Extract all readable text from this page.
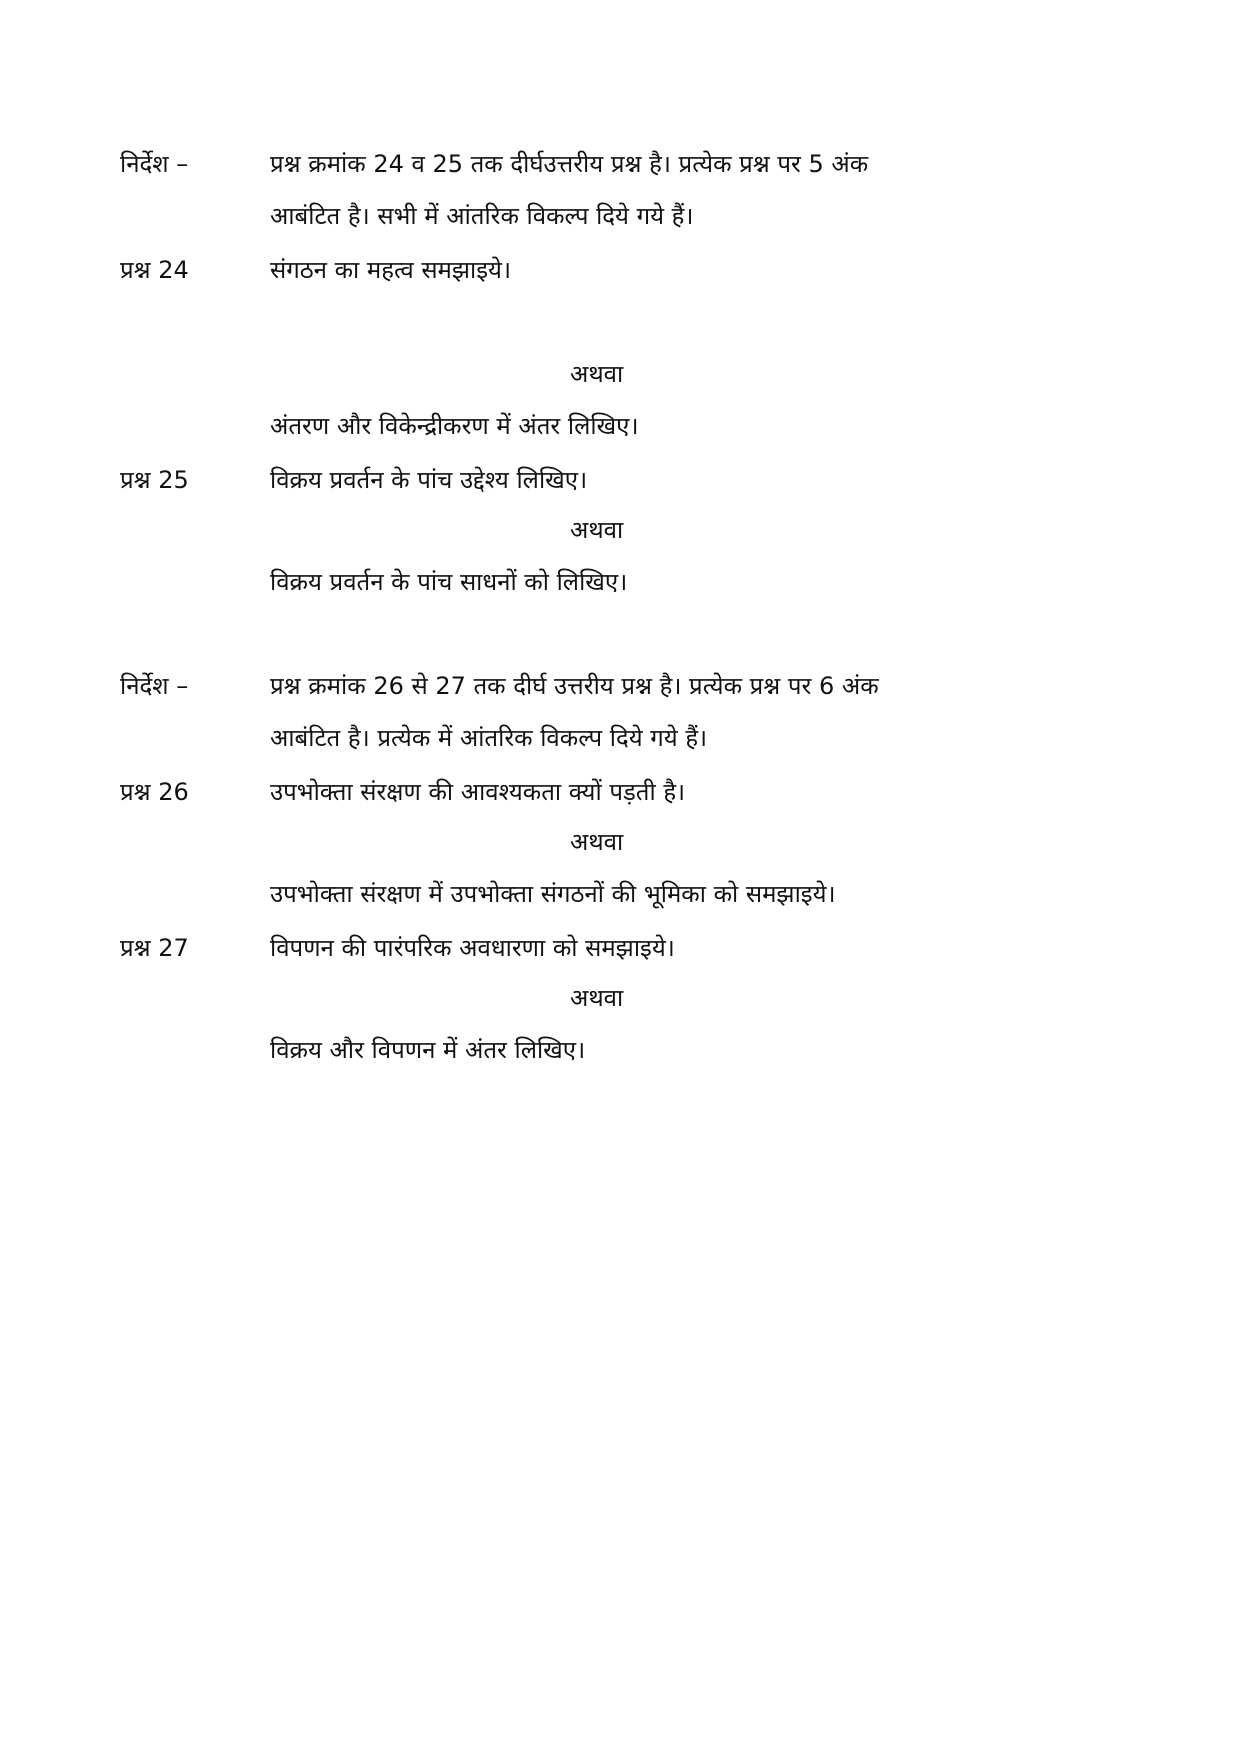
निर्देश –	प्रश्न क्रमांक 24 व 25 तक दीर्घउत्तरीय प्रश्न है। प्रत्येक प्रश्न पर 5 अंक
आबंटित है। सभी में आंतरिक विकल्प दिये गये हैं।
प्रश्न 24	संगठन का महत्व समझाइये।
अथवा
अंतरण और विकेन्द्रीकरण में अंतर लिखिए।
प्रश्न 25	विक्रय प्रवर्तन के पांच उद्देश्य लिखिए।
अथवा
विक्रय प्रवर्तन के पांच साधनों को लिखिए।
निर्देश –	प्रश्न क्रमांक 26 से 27 तक दीर्घ उत्तरीय प्रश्न है। प्रत्येक प्रश्न पर 6 अंक
आबंटित है। प्रत्येक में आंतरिक विकल्प दिये गये हैं।
प्रश्न 26	उपभोक्ता संरक्षण की आवश्यकता क्यों पड़ती है।
अथवा
उपभोक्ता संरक्षण में उपभोक्ता संगठनों की भूमिका को समझाइये।
प्रश्न 27	विपणन की पारंपरिक अवधारणा को समझाइये।
अथवा
विक्रय और विपणन में अंतर लिखिए।
